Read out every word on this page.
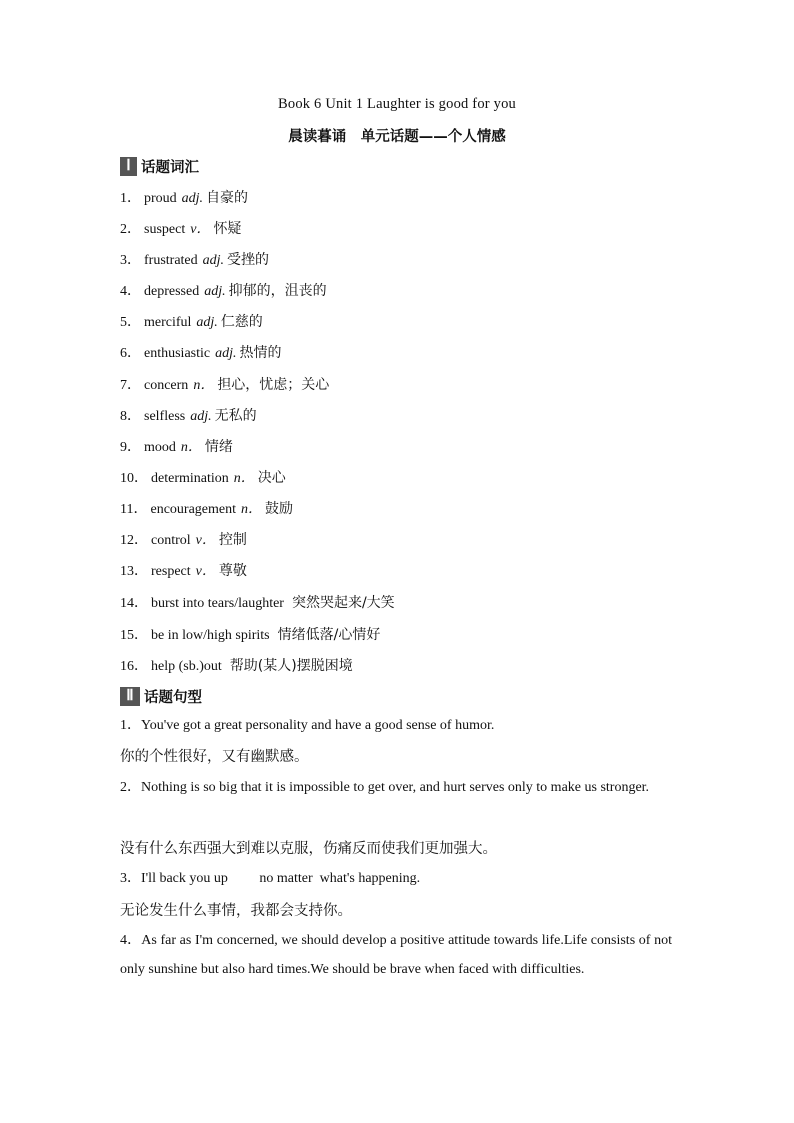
Book 6 Unit 1 Laughter is good for you
晨读暮诵　单元话题——个人情感
Ⅰ 话题词汇
1． proud adj. 自豪的
2． suspect v． 怀疑
3． frustrated adj. 受挫的
4． depressed adj. 抑郁的，沮丧的
5． merciful adj. 仁慈的
6． enthusiastic adj. 热情的
7． concern n． 担心，忧虑；关心
8． selfless adj. 无私的
9． mood n． 情绪
10． determination n． 决心
11． encouragement n． 鼓励
12． control v． 控制
13． respect v． 尊敬
14． burst into tears/laughter 突然哭起来/大笑
15． be in low/high spirits 情绪低落/心情好
16． help (sb.)out 帮助(某人)摆脱困境
Ⅱ 话题句型
1．You've got a great personality and have a good sense of humor.
你的个性很好，又有幽默感。
2．Nothing is so big that it is impossible to get over, and hurt serves only to make us stronger.
没有什么东西强大到难以克服，伤痛反而使我们更加强大。
3．I'll back you up         no matter  what's happening.
无论发生什么事情，我都会支持你。
4．As far as I'm concerned, we should develop a positive attitude towards life.Life consists of not only sunshine but also hard times.We should be brave when faced with difficulties.
